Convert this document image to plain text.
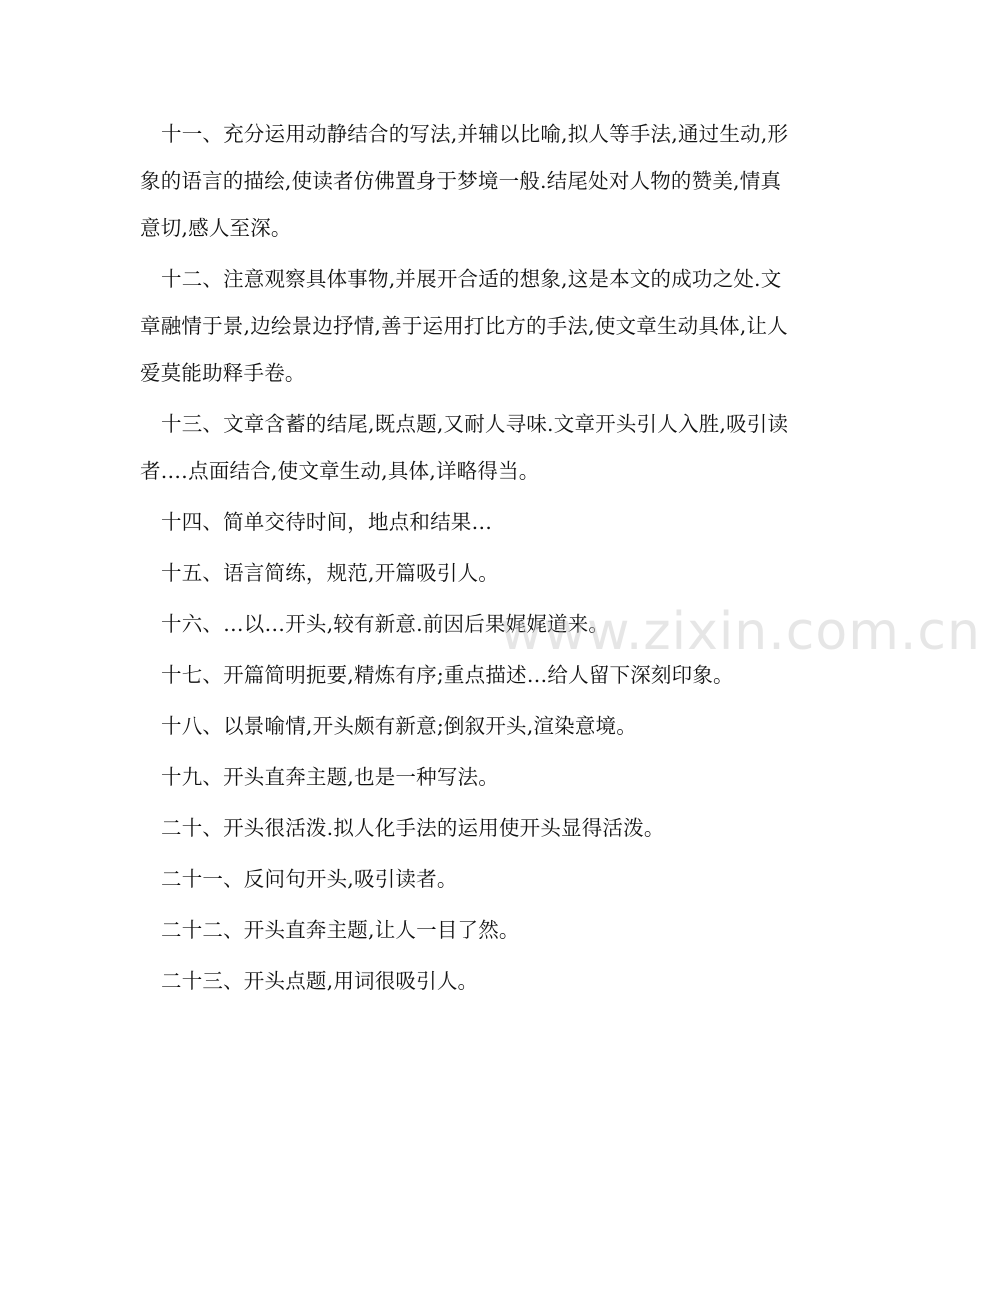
十一、充分运用动静结合的写法,并辅以比喻,拟人等手法,通过生动,形象的语言的描绘,使读者仿佛置身于梦境一般.结尾处对人物的赞美,情真意切,感人至深。

十二、注意观察具体事物,并展开合适的想象,这是本文的成功之处.文章融情于景,边绘景边抒情,善于运用打比方的手法,使文章生动具体,让人爱莫能助释手卷。

十三、文章含蓄的结尾,既点题,又耐人寻味.文章开头引人入胜,吸引读者.…点面结合,使文章生动,具体,详略得当。

十四、简单交待时间，地点和结果…

十五、语言简练，规范,开篇吸引人。

十六、…以…开头,较有新意.前因后果娓娓道来。

十七、开篇简明扼要,精炼有序;重点描述…给人留下深刻印象。

十八、以景喻情,开头颇有新意;倒叙开头,渲染意境。

十九、开头直奔主题,也是一种写法。

二十、开头很活泼.拟人化手法的运用使开头显得活泼。

二十一、反问句开头,吸引读者。

二十二、开头直奔主题,让人一目了然。

二十三、开头点题,用词很吸引人。

www.zixin.com.cn
